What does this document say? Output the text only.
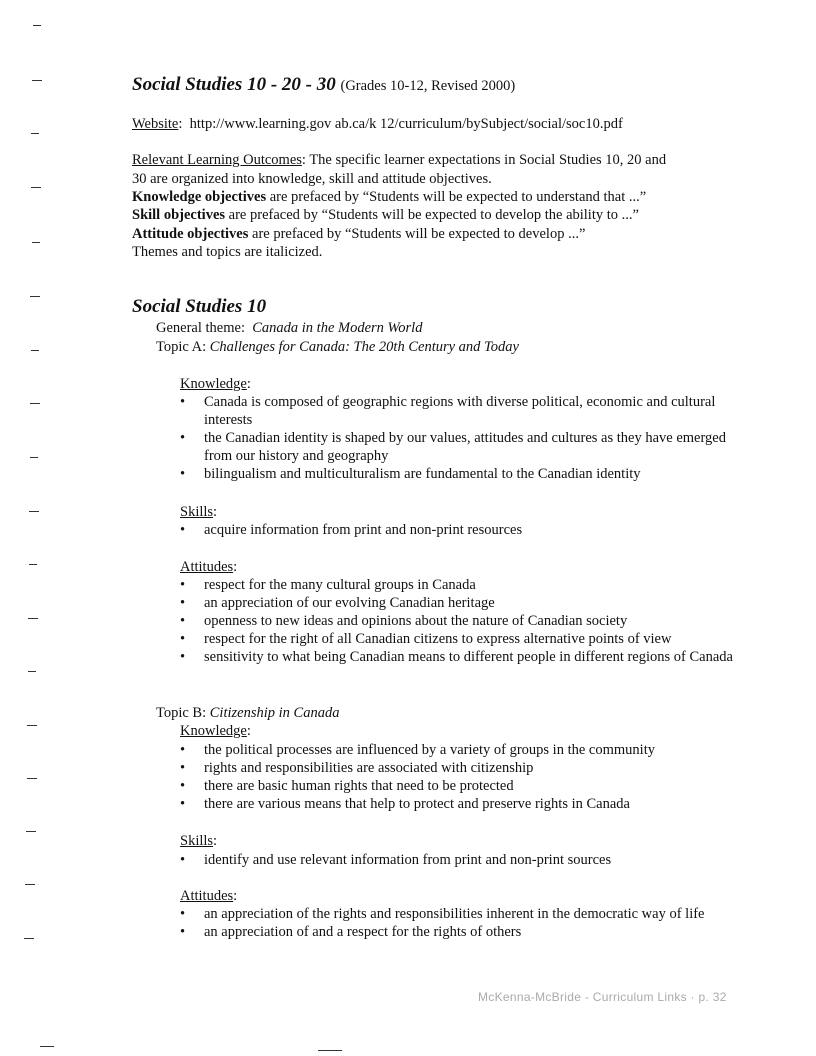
Social Studies 10 - 20 - 30 (Grades 10-12, Revised 2000)
Website:  http://www.learning.gov ab.ca/k 12/curriculum/bySubject/social/soc10.pdf
Relevant Learning Outcomes: The specific learner expectations in Social Studies 10, 20 and
30 are organized into knowledge, skill and attitude objectives.
Knowledge objectives are prefaced by “Students will be expected to understand that ...”
Skill objectives are prefaced by “Students will be expected to develop the ability to ...”
Attitude objectives are prefaced by “Students will be expected to develop ...”
Themes and topics are italicized.
Social Studies 10
General theme: Canada in the Modern World
Topic A: Challenges for Canada: The 20th Century and Today
Knowledge:
• Canada is composed of geographic regions with diverse political, economic and cultural interests
• the Canadian identity is shaped by our values, attitudes and cultures as they have emerged from our history and geography
• bilingualism and multiculturalism are fundamental to the Canadian identity
Skills:
• acquire information from print and non-print resources
Attitudes:
• respect for the many cultural groups in Canada
• an appreciation of our evolving Canadian heritage
• openness to new ideas and opinions about the nature of Canadian society
• respect for the right of all Canadian citizens to express alternative points of view
• sensitivity to what being Canadian means to different people in different regions of Canada
Topic B: Citizenship in Canada
Knowledge:
• the political processes are influenced by a variety of groups in the community
• rights and responsibilities are associated with citizenship
• there are basic human rights that need to be protected
• there are various means that help to protect and preserve rights in Canada
Skills:
• identify and use relevant information from print and non-print sources
Attitudes:
• an appreciation of the rights and responsibilities inherent in the democratic way of life
• an appreciation of and a respect for the rights of others
McKenna-McBride - Curriculum Links · p. 32
